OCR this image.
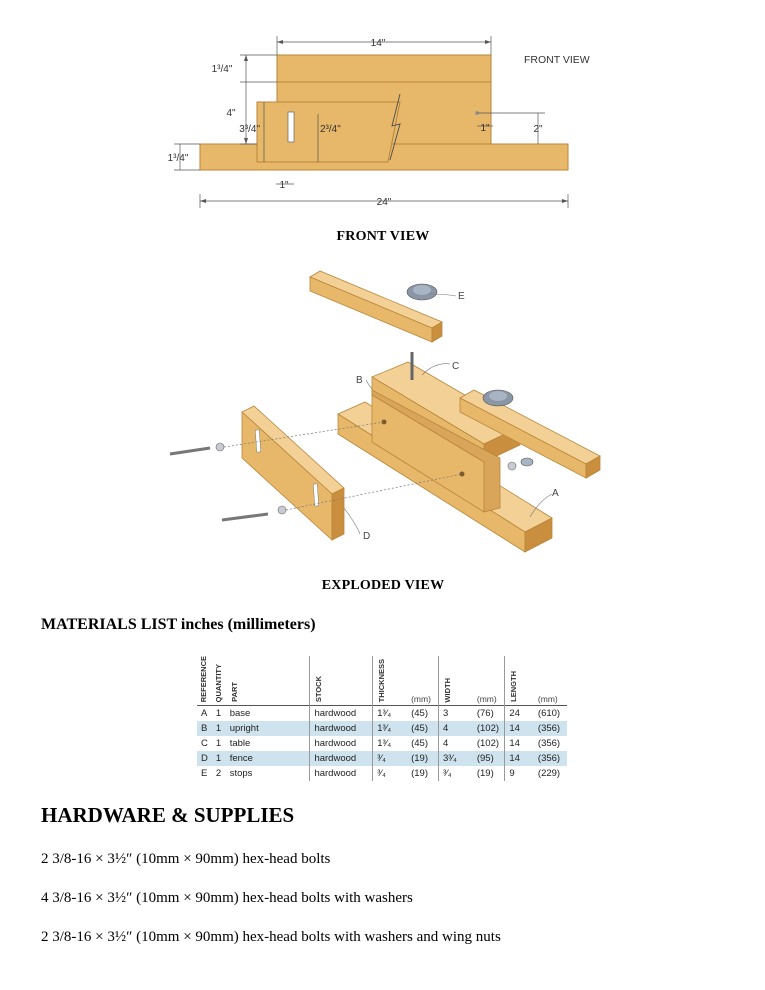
14"
1³/4"
4"
3³/4"	2³/4"
1³/4"
1"
24"
1"	2"
FRONT VIEW
FRONT VIEW
E
C
B
A
D
EXPLODED VIEW
MATERIALS LIST inches (millimeters)
REFERENCE	QUANTITY	PART	STOCK	THICKNESS	(mm)	WIDTH	(mm)	LENGTH	(mm)
A	1	base	hardwood	1³⁄₄	(45)	3	(76)	24	(610)
B	1	upright	hardwood	1³⁄₄	(45)	4	(102)	14	(356)
C	1	table	hardwood	1³⁄₄	(45)	4	(102)	14	(356)
D	1	fence	hardwood	³⁄₄	(19)	3³⁄₄	(95)	14	(356)
E	2	stops	hardwood	³⁄₄	(19)	³⁄₄	(19)	9	(229)
HARDWARE & SUPPLIES
2 3/8-16 × 3½″ (10mm × 90mm) hex-head bolts
4 3/8-16 × 3½″ (10mm × 90mm) hex-head bolts with washers
2 3/8-16 × 3½″ (10mm × 90mm) hex-head bolts with washers and wing nuts
